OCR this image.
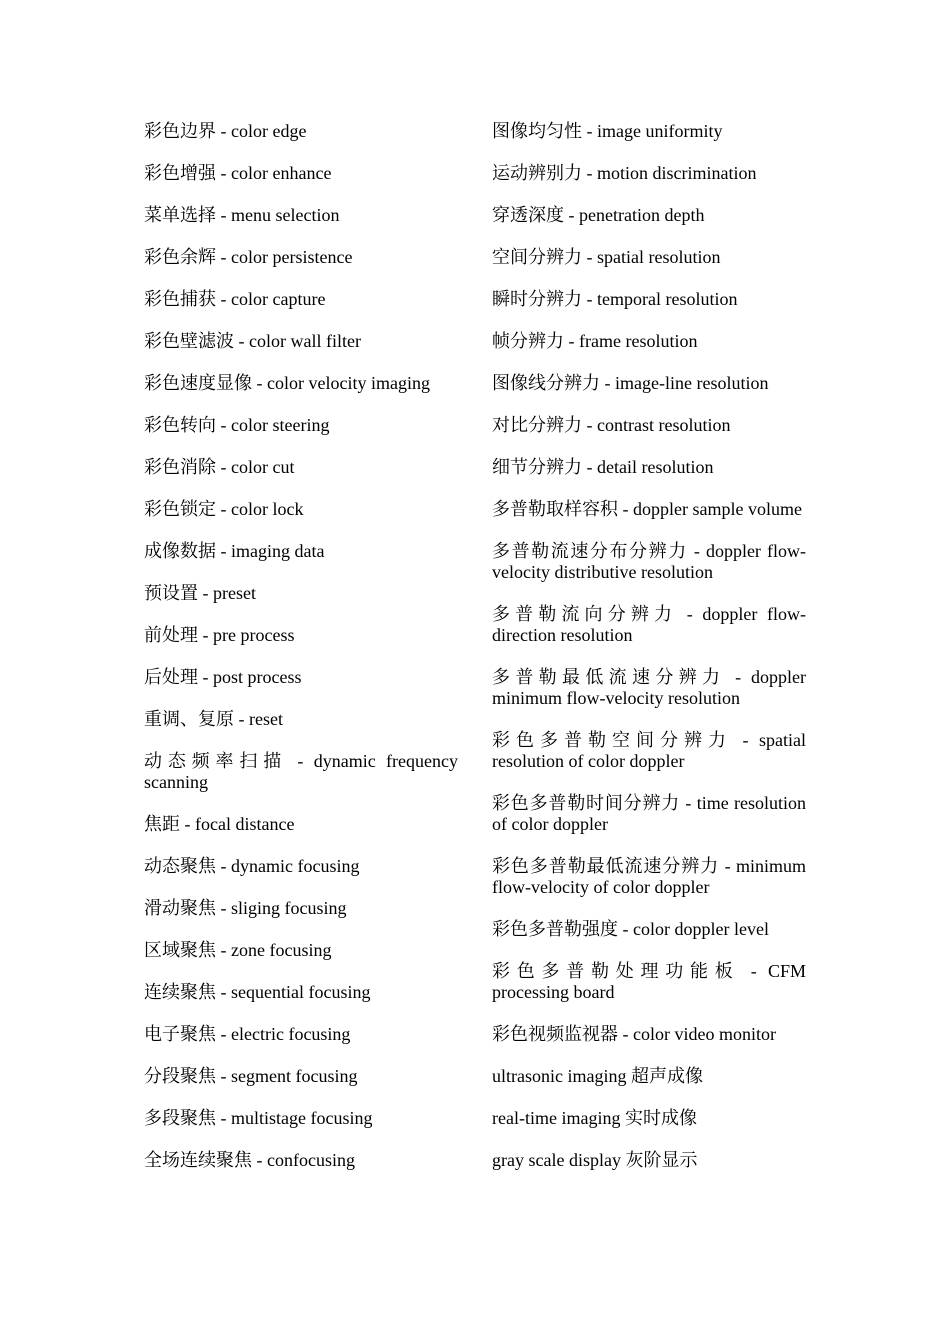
彩色边界 - color edge

彩色增强 - color enhance

菜单选择 - menu selection

彩色余辉 - color persistence

彩色捕获 - color capture

彩色壁滤波 - color wall filter

彩色速度显像 - color velocity imaging

彩色转向 - color steering

彩色消除 - color cut

彩色锁定 - color lock

成像数据 - imaging data

预设置 - preset

前处理 - pre process

后处理 - post process

重调、复原 - reset

动态频率扫描 - dynamic frequency scanning

焦距 - focal distance

动态聚焦 - dynamic focusing

滑动聚焦 - sliging focusing

区域聚焦 - zone focusing

连续聚焦 - sequential focusing

电子聚焦 - electric focusing

分段聚焦 - segment focusing

多段聚焦 - multistage focusing

全场连续聚焦 - confocusing

图像均匀性 - image uniformity

运动辨别力 - motion discrimination

穿透深度 - penetration depth

空间分辨力 - spatial resolution

瞬时分辨力 - temporal resolution

帧分辨力 - frame resolution

图像线分辨力 - image-line resolution

对比分辨力 - contrast resolution

细节分辨力 - detail resolution

多普勒取样容积 - doppler sample volume

多普勒流速分布分辨力 - doppler flow-velocity distributive resolution

多普勒流向分辨力 - doppler flow-direction resolution

多普勒最低流速分辨力 - doppler minimum flow-velocity resolution

彩色多普勒空间分辨力 - spatial resolution of color doppler

彩色多普勒时间分辨力 - time resolution of color doppler

彩色多普勒最低流速分辨力 - minimum flow-velocity of color doppler

彩色多普勒强度 - color doppler level

彩色多普勒处理功能板 - CFM processing board

彩色视频监视器 - color video monitor

ultrasonic imaging 超声成像

real-time imaging 实时成像

gray scale display 灰阶显示
